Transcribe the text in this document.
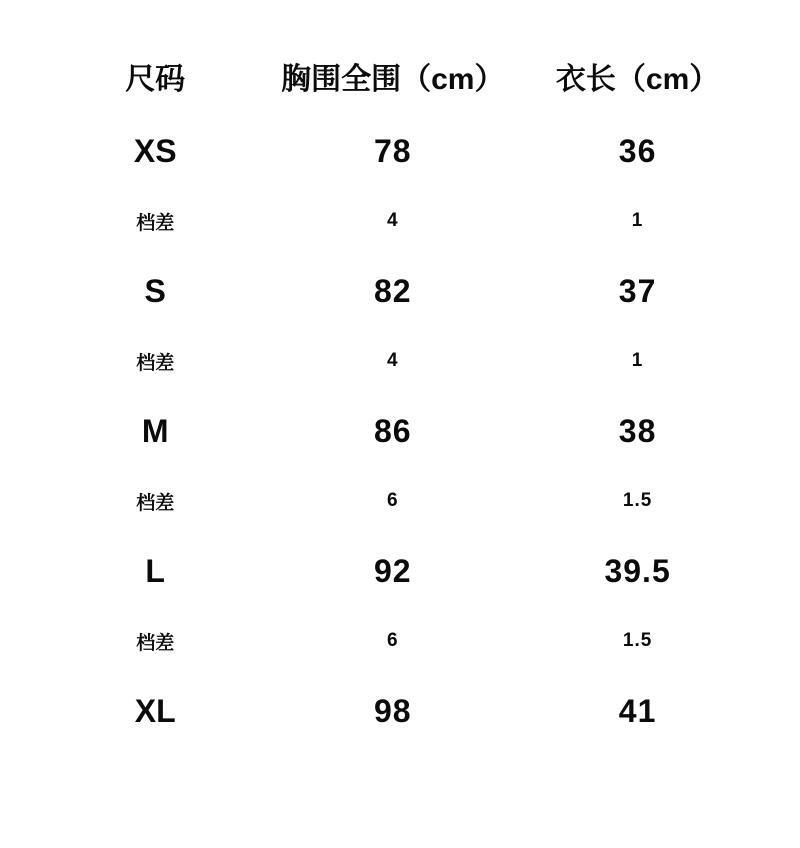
尺码	胸围全围（cm）	衣长（cm）
XS	78	36
档差	4	1
S	82	37
档差	4	1
M	86	38
档差	6	1.5
L	92	39.5
档差	6	1.5
XL	98	41
